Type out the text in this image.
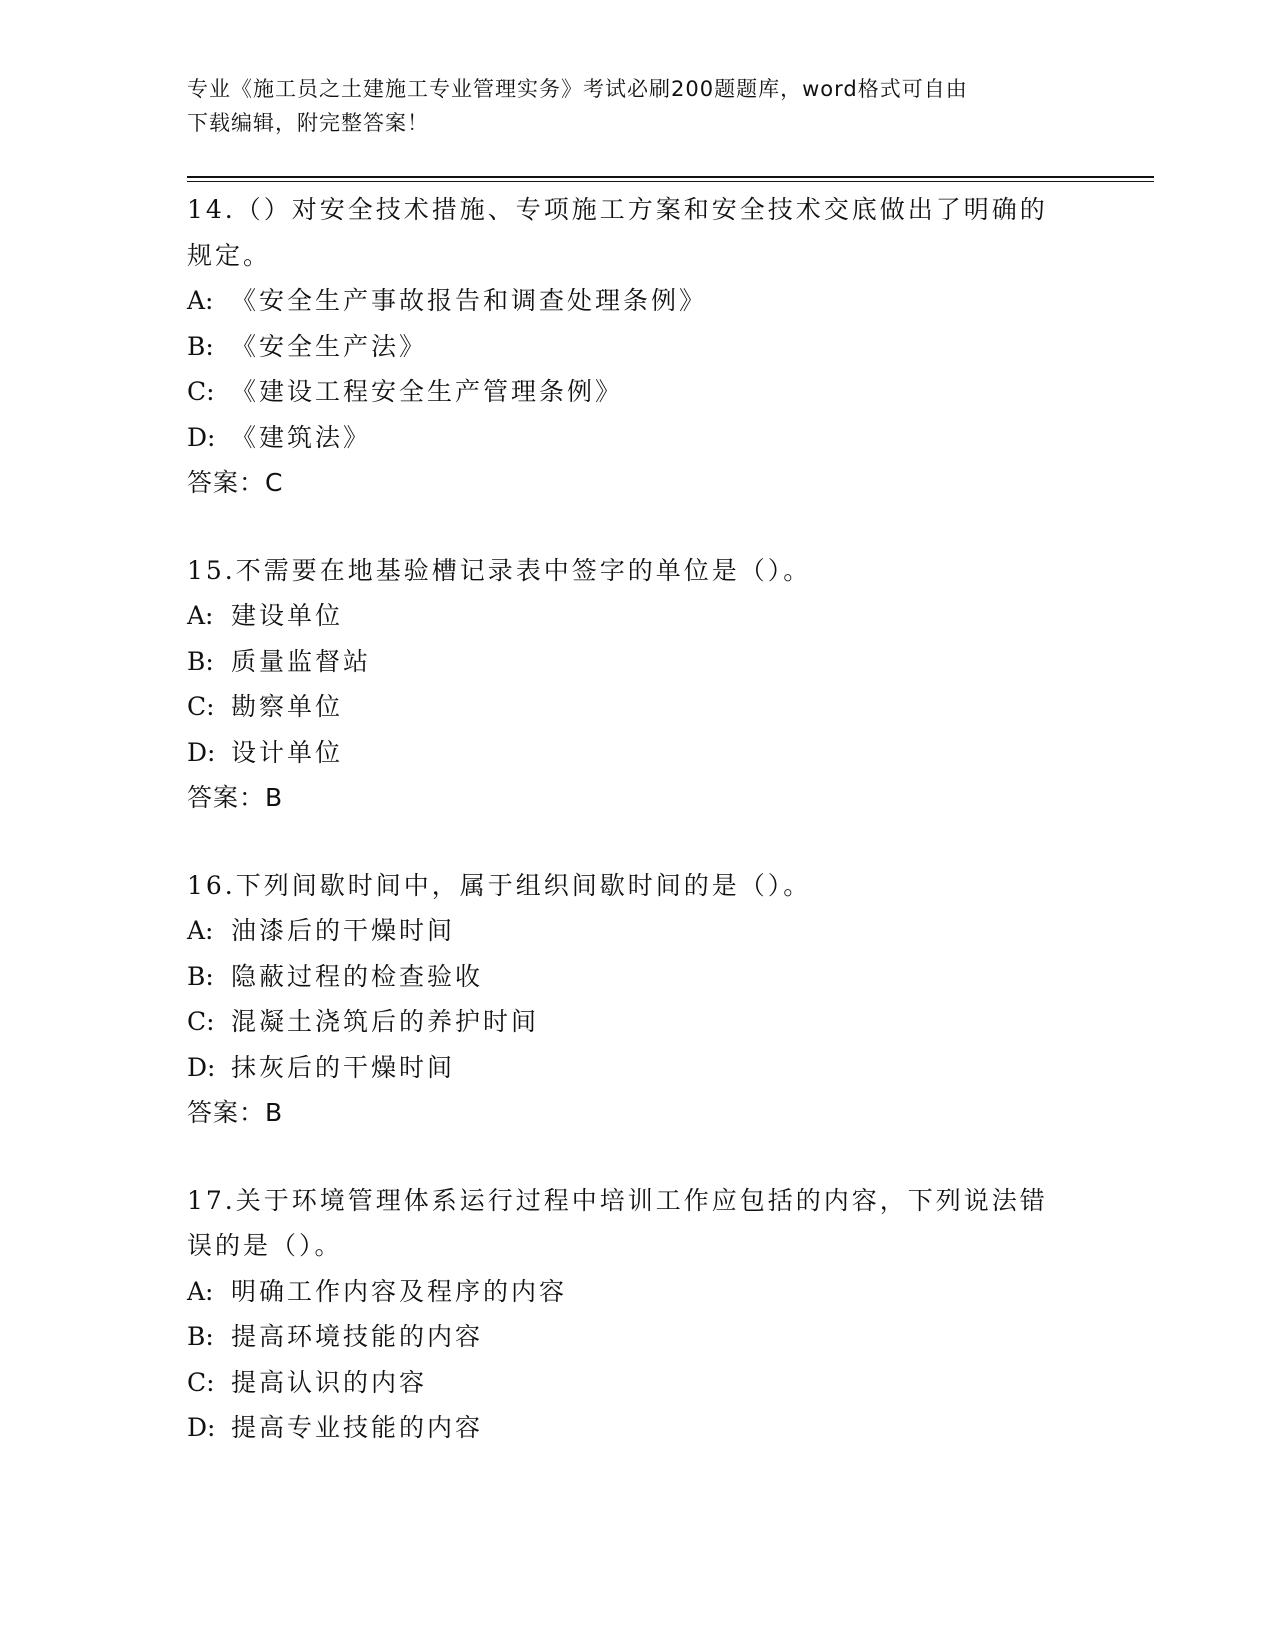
专业《施工员之土建施工专业管理实务》考试必刷200题题库，word格式可自由
下载编辑，附完整答案！
14.（）对安全技术措施、专项施工方案和安全技术交底做出了明确的
规定。
A: 《安全生产事故报告和调查处理条例》
B: 《安全生产法》
C: 《建设工程安全生产管理条例》
D: 《建筑法》
答案：C
15.不需要在地基验槽记录表中签字的单位是（）。
A: 建设单位
B: 质量监督站
C: 勘察单位
D: 设计单位
答案：B
16.下列间歇时间中，属于组织间歇时间的是（）。
A: 油漆后的干燥时间
B: 隐蔽过程的检查验收
C: 混凝土浇筑后的养护时间
D: 抹灰后的干燥时间
答案：B
17.关于环境管理体系运行过程中培训工作应包括的内容，下列说法错
误的是（）。
A: 明确工作内容及程序的内容
B: 提高环境技能的内容
C: 提高认识的内容
D: 提高专业技能的内容
